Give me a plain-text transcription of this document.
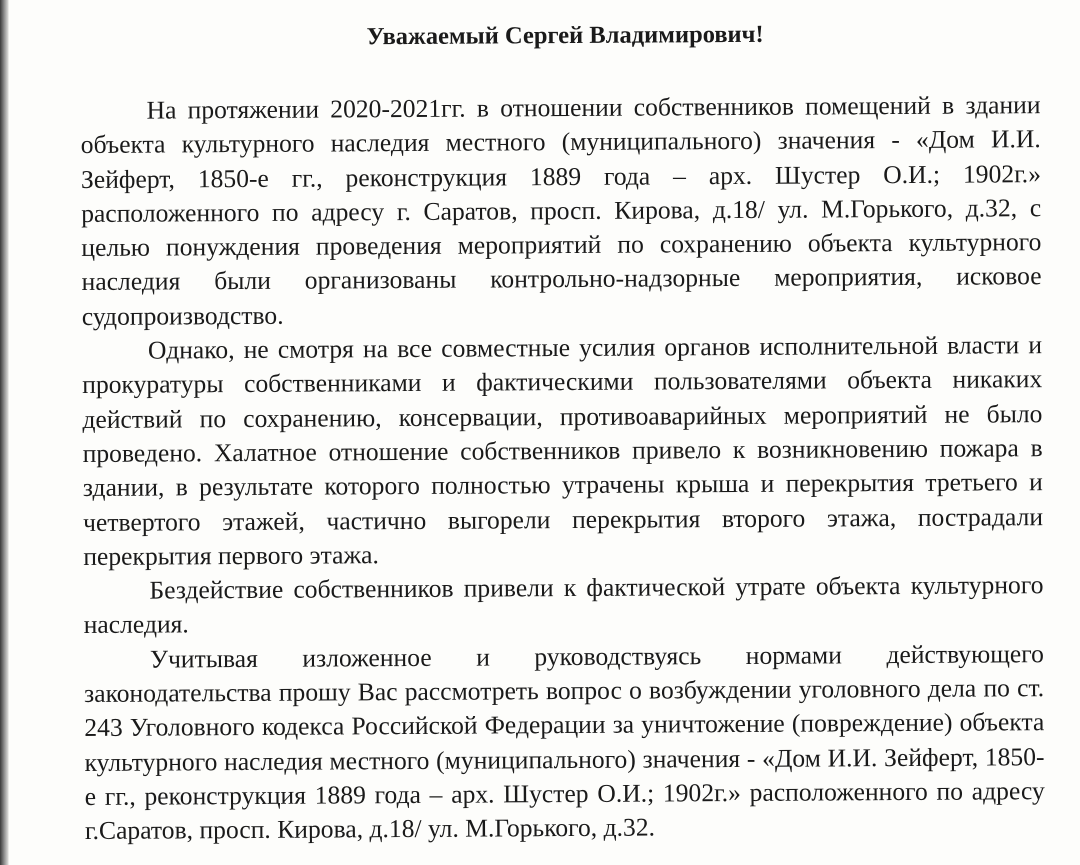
Уважаемый Сергей Владимирович!

На протяжении 2020-2021гг. в отношении собственников помещений в здании объекта культурного наследия местного (муниципального) значения - «Дом И.И. Зейферт, 1850-е гг., реконструкция 1889 года – арх. Шустер О.И.; 1902г.» расположенного по адресу г. Саратов, просп. Кирова, д.18/ ул. М.Горького, д.32, с целью понуждения проведения мероприятий по сохранению объекта культурного наследия были организованы контрольно-надзорные мероприятия, исковое судопроизводство.

Однако, не смотря на все совместные усилия органов исполнительной власти и прокуратуры собственниками и фактическими пользователями объекта никаких действий по сохранению, консервации, противоаварийных мероприятий не было проведено. Халатное отношение собственников привело к возникновению пожара в здании, в результате которого полностью утрачены крыша и перекрытия третьего и четвертого этажей, частично выгорели перекрытия второго этажа, пострадали перекрытия первого этажа.

Бездействие собственников привели к фактической утрате объекта культурного наследия.

Учитывая изложенное и руководствуясь нормами действующего законодательства прошу Вас рассмотреть вопрос о возбуждении уголовного дела по ст. 243 Уголовного кодекса Российской Федерации за уничтожение (повреждение) объекта культурного наследия местного (муниципального) значения - «Дом И.И. Зейферт, 1850-е гг., реконструкция 1889 года – арх. Шустер О.И.; 1902г.» расположенного по адресу г.Саратов, просп. Кирова, д.18/ ул. М.Горького, д.32.
